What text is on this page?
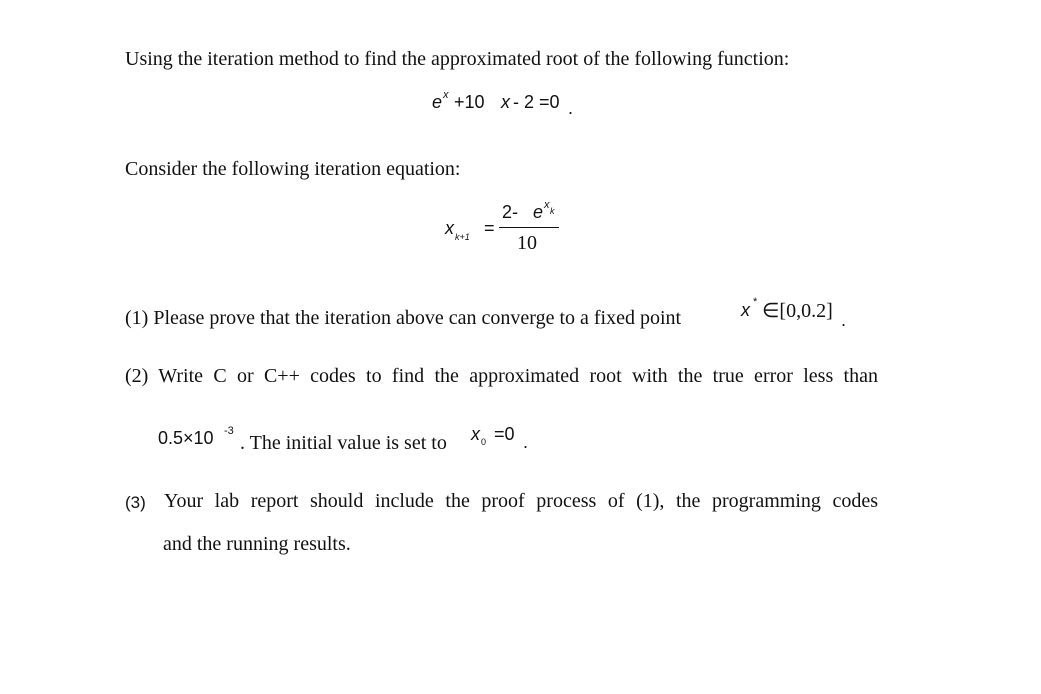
Using the iteration method to find the approximated root of the following function:
e x +10 x - 2 =0 .
Consider the following iteration equation:
x k+1 =
2- e x k
10
(1) Please prove that the iteration above can converge to a fixed point	x * ∈[0,0.2] .
(2) Write C or C++ codes to find the approximated root with the true error less than
0.5×10 -3
. The initial value is set to x 0 =0 .
(3) Your lab report should include the proof process of (1), the programming codes
and the running results.
